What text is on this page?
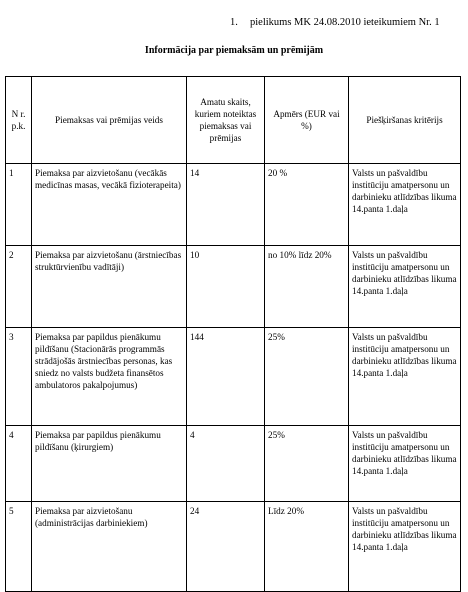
1. pielikums MK 24.08.2010 ieteikumiem Nr. 1
Informācija par piemaksām un prēmijām
N r. p.k.	Piemaksas vai prēmijas veids	Amatu skaits, kuriem noteiktas piemaksas vai prēmijas	Apmērs (EUR vai %)	Piešķiršanas kritērijs
1	Piemaksa par aizvietošanu (vecākās medicīnas masas, vecākā fizioterapeita)	14	20 %	Valsts un pašvaldību institūciju amatpersonu un darbinieku atlīdzības likuma 14.panta 1.daļa
2	Piemaksa par aizvietošanu (ārstniecības struktūrvienību vadītāji)	10	no 10% līdz 20%	Valsts un pašvaldību institūciju amatpersonu un darbinieku atlīdzības likuma 14.panta 1.daļa
3	Piemaksa par papildus pienākumu pildīšanu (Stacionārās programmās strādājošās ārstniecības personas, kas sniedz no valsts budžeta finansētos ambulatoros pakalpojumus)	144	25%	Valsts un pašvaldību institūciju amatpersonu un darbinieku atlīdzības likuma 14.panta 1.daļa
4	Piemaksa par papildus pienākumu pildīšanu (ķirurgiem)	4	25%	Valsts un pašvaldību institūciju amatpersonu un darbinieku atlīdzības likuma 14.panta 1.daļa
5	Piemaksa par aizvietošanu (administrācijas darbiniekiem)	24	Līdz 20%	Valsts un pašvaldību institūciju amatpersonu un darbinieku atlīdzības likuma 14.panta 1.daļa
